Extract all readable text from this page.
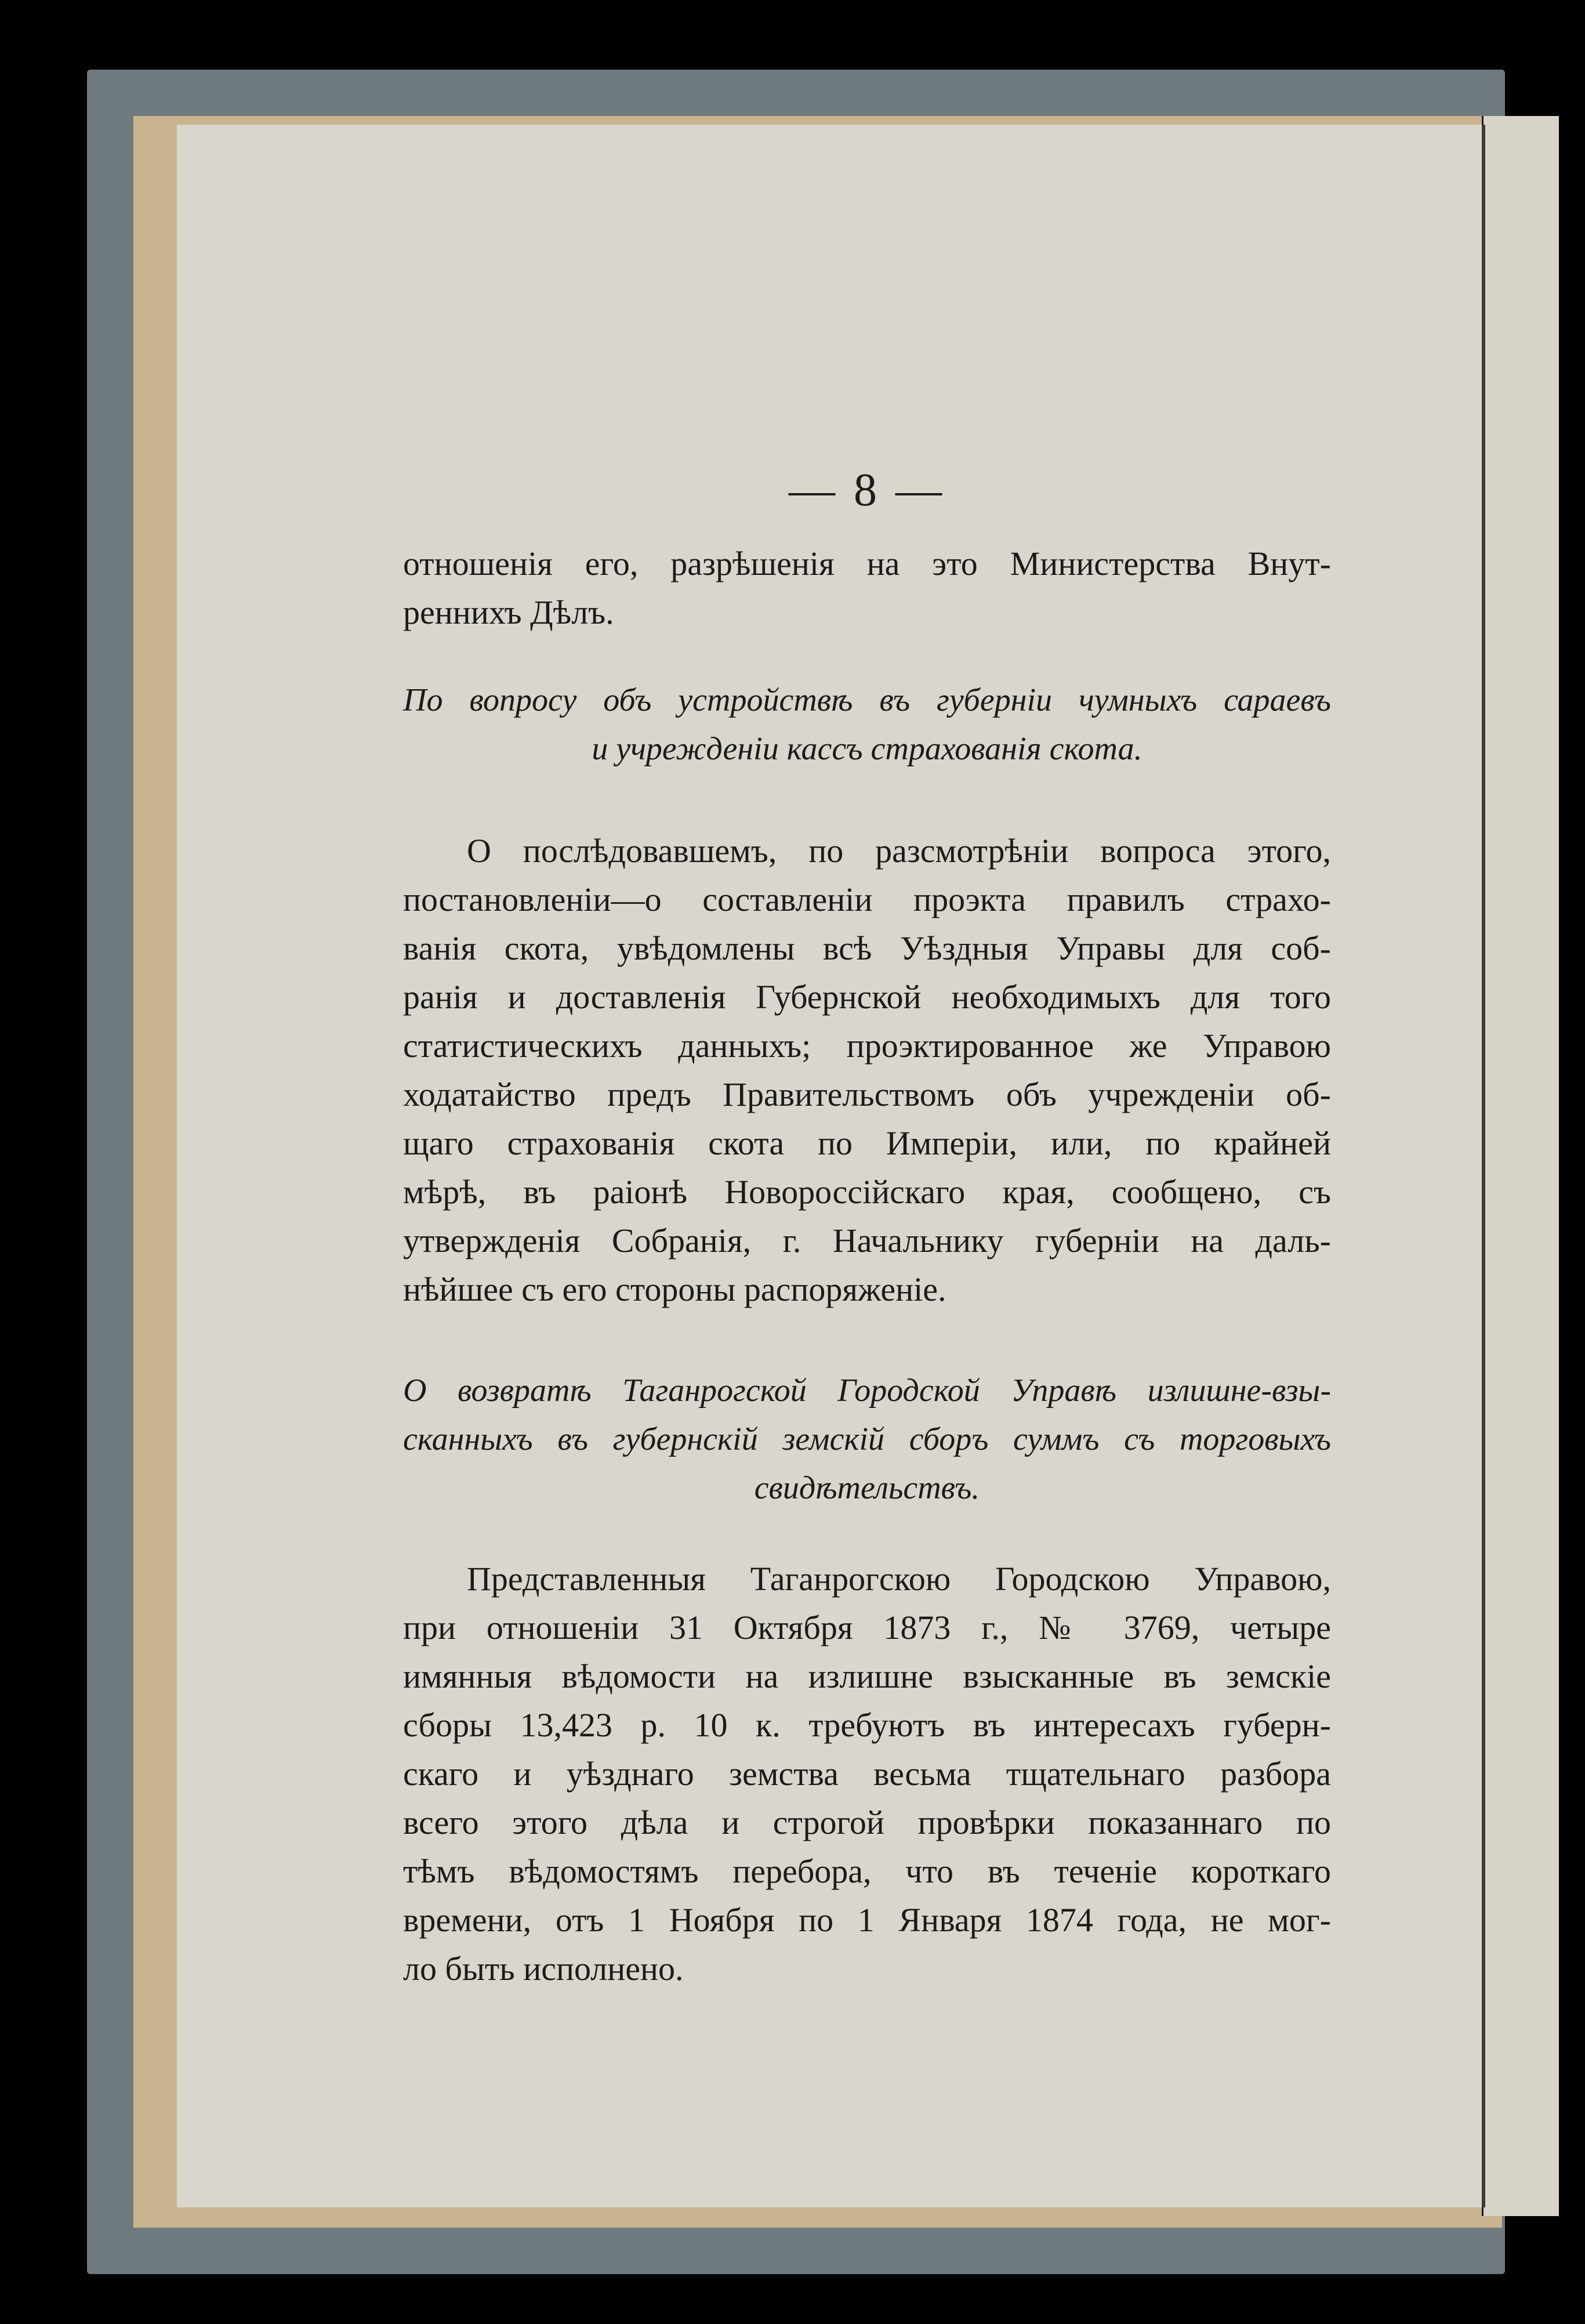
— 8 —
отношенія его, разрѣшенія на это Министерства Внут-
реннихъ Дѣлъ.
По вопросу объ устройствѣ въ губерніи чумныхъ сараевъ
и учрежденіи кассъ страхованія скота.
О послѣдовавшемъ, по разсмотрѣніи вопроса этого,
постановленіи—о составленіи проэкта правилъ страхо-
ванія скота, увѣдомлены всѣ Уѣздныя Управы для соб-
ранія и доставленія Губернской необходимыхъ для того
статистическихъ данныхъ; проэктированное же Управою
ходатайство предъ Правительствомъ объ учрежденіи об-
щаго страхованія скота по Имперіи, или, по крайней
мѣрѣ, въ раіонѣ Новороссійскаго края, сообщено, съ
утвержденія Собранія, г. Начальнику губерніи на даль-
нѣйшее съ его стороны распоряженіе.
О возвратѣ Таганрогской Городской Управѣ излишне-взы-
сканныхъ въ губернскій земскій сборъ суммъ съ торговыхъ
свидѣтельствъ.
Представленныя Таганрогскою Городскою Управою,
при отношеніи 31 Октября 1873 г., № 3769, четыре
имянныя вѣдомости на излишне взысканные въ земскіе
сборы 13,423 р. 10 к. требуютъ въ интересахъ губерн-
скаго и уѣзднаго земства весьма тщательнаго разбора
всего этого дѣла и строгой провѣрки показаннаго по
тѣмъ вѣдомостямъ перебора, что въ теченіе короткаго
времени, отъ 1 Ноября по 1 Января 1874 года, не мог-
ло быть исполнено.
